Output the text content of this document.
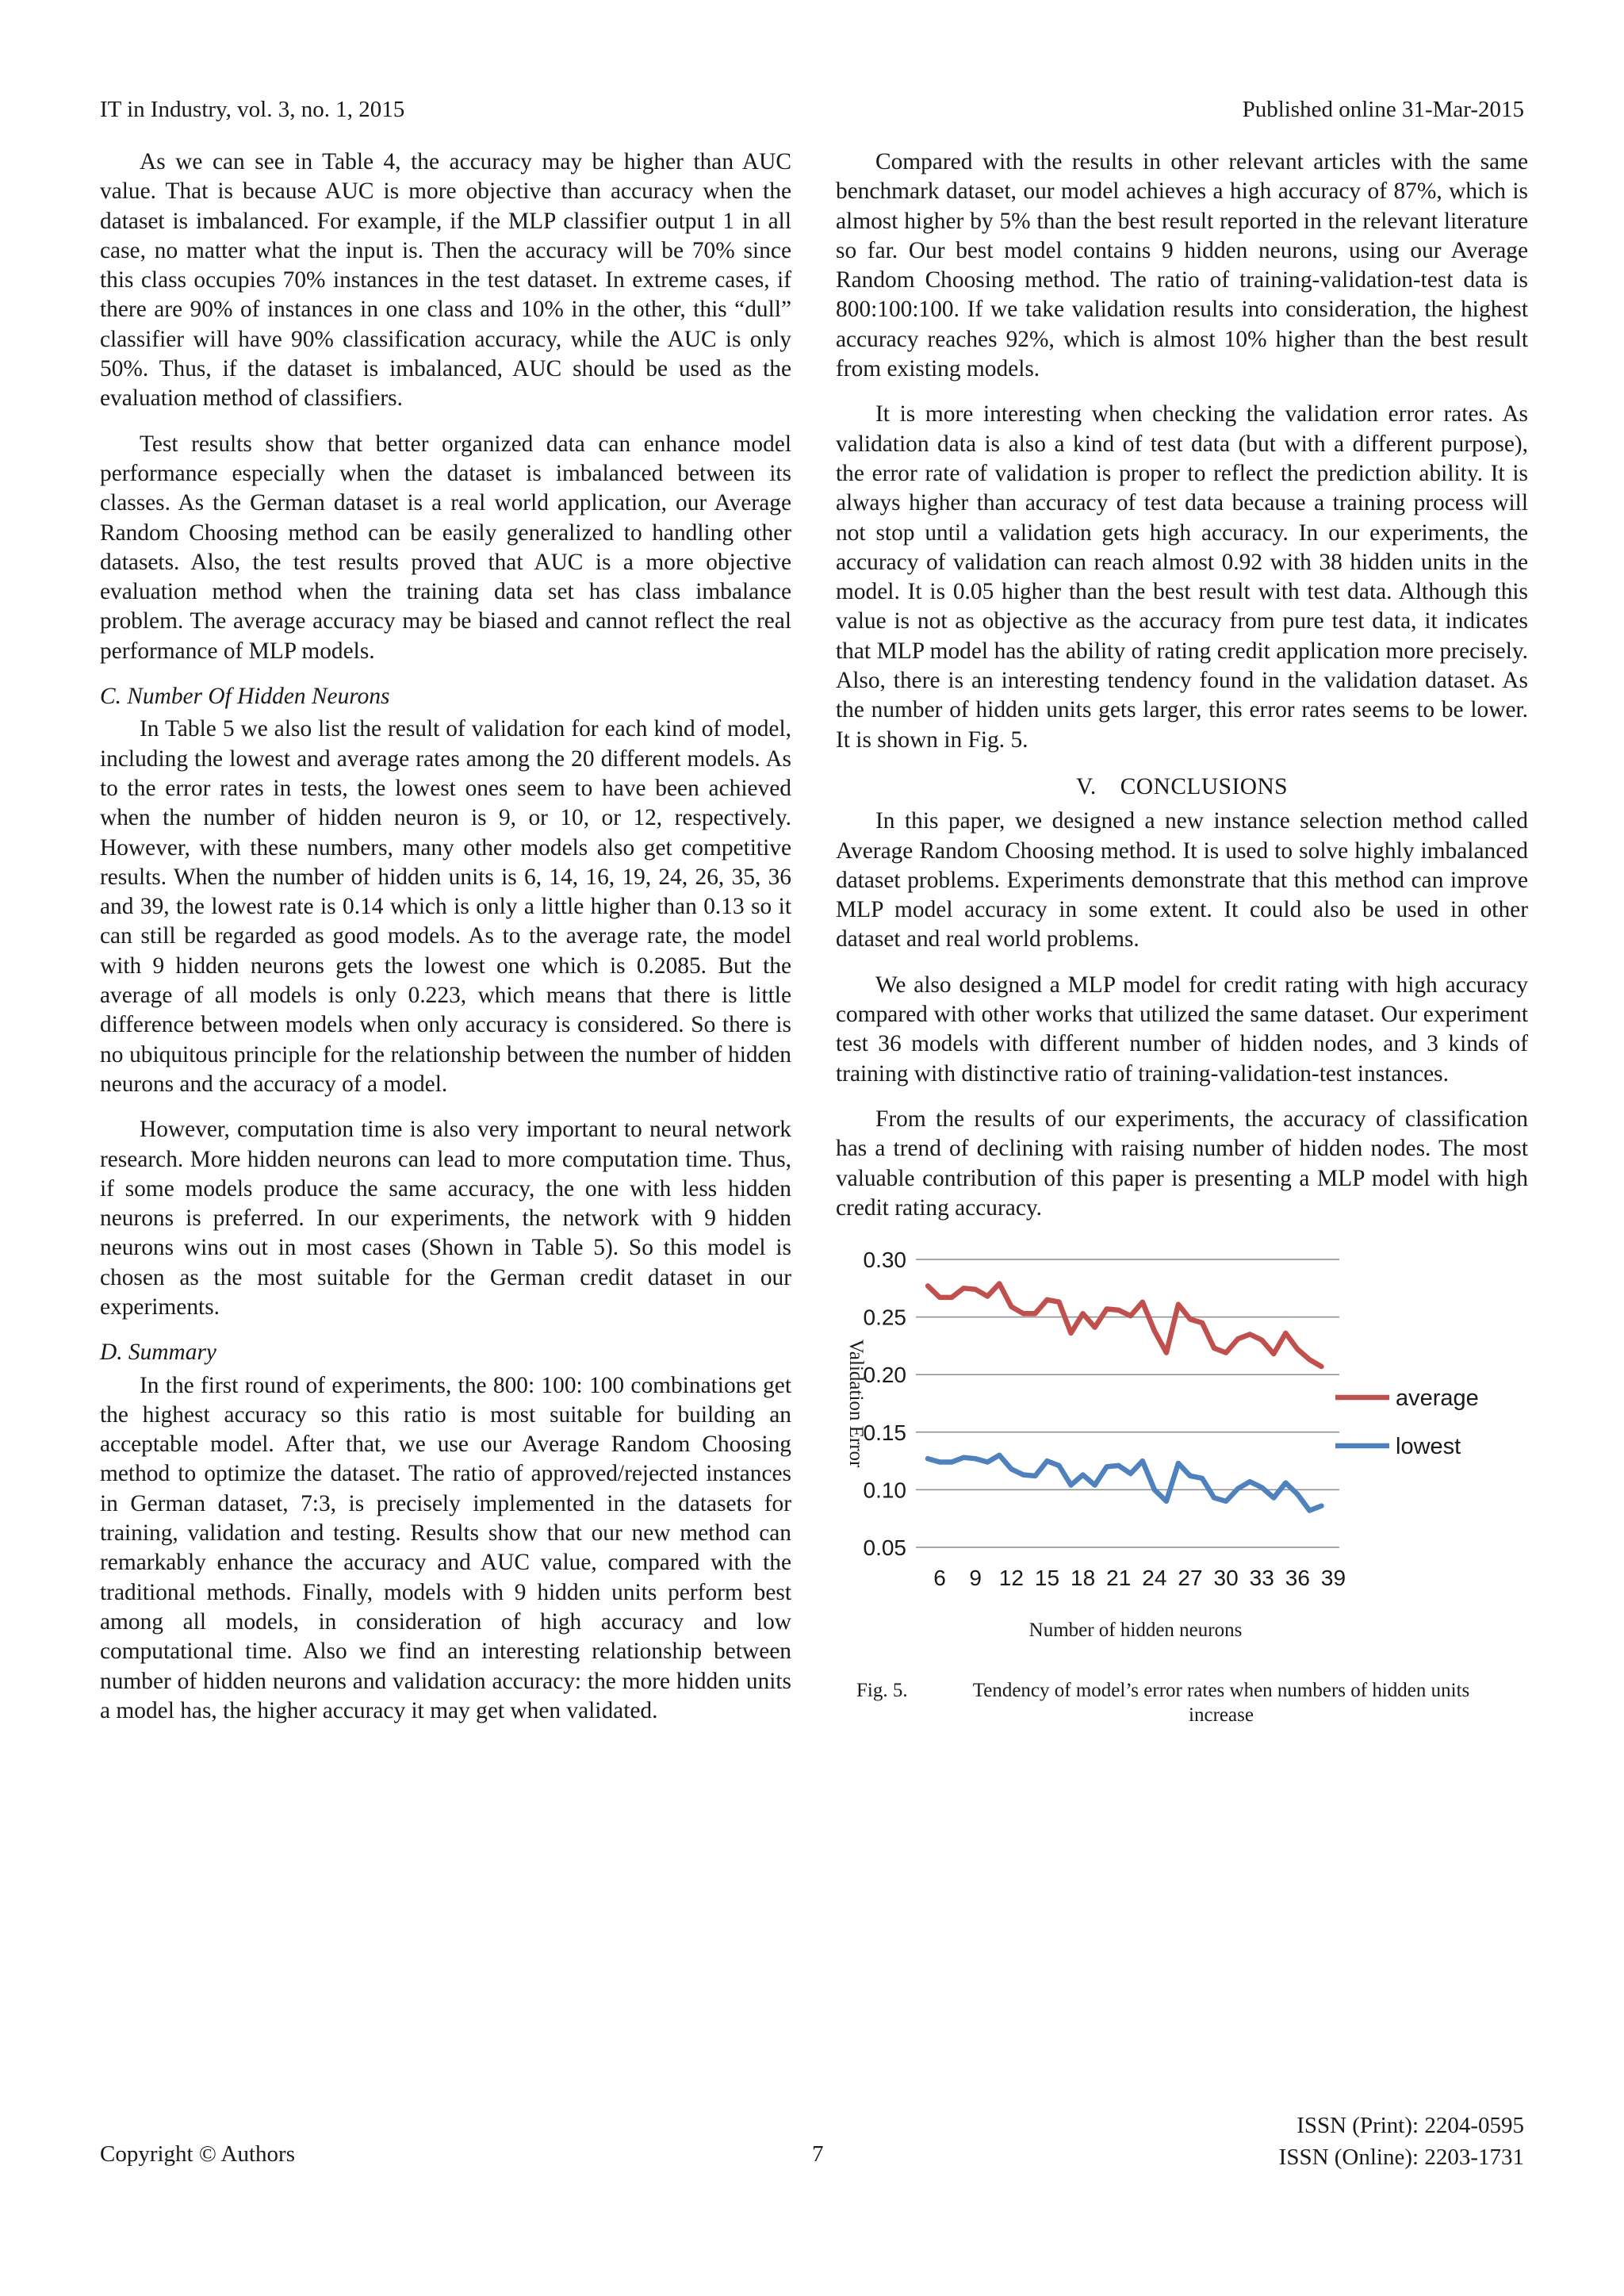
IT in Industry, vol. 3, no. 1, 2015	Published online 31-Mar-2015

As we can see in Table 4, the accuracy may be higher than AUC value. That is because AUC is more objective than accuracy when the dataset is imbalanced. For example, if the MLP classifier output 1 in all case, no matter what the input is. Then the accuracy will be 70% since this class occupies 70% instances in the test dataset. In extreme cases, if there are 90% of instances in one class and 10% in the other, this “dull” classifier will have 90% classification accuracy, while the AUC is only 50%. Thus, if the dataset is imbalanced, AUC should be used as the evaluation method of classifiers.

Test results show that better organized data can enhance model performance especially when the dataset is imbalanced between its classes. As the German dataset is a real world application, our Average Random Choosing method can be easily generalized to handling other datasets. Also, the test results proved that AUC is a more objective evaluation method when the training data set has class imbalance problem. The average accuracy may be biased and cannot reflect the real performance of MLP models.

C. Number Of Hidden Neurons

In Table 5 we also list the result of validation for each kind of model, including the lowest and average rates among the 20 different models. As to the error rates in tests, the lowest ones seem to have been achieved when the number of hidden neuron is 9, or 10, or 12, respectively. However, with these numbers, many other models also get competitive results. When the number of hidden units is 6, 14, 16, 19, 24, 26, 35, 36 and 39, the lowest rate is 0.14 which is only a little higher than 0.13 so it can still be regarded as good models. As to the average rate, the model with 9 hidden neurons gets the lowest one which is 0.2085. But the average of all models is only 0.223, which means that there is little difference between models when only accuracy is considered. So there is no ubiquitous principle for the relationship between the number of hidden neurons and the accuracy of a model.

However, computation time is also very important to neural network research. More hidden neurons can lead to more computation time. Thus, if some models produce the same accuracy, the one with less hidden neurons is preferred. In our experiments, the network with 9 hidden neurons wins out in most cases (Shown in Table 5). So this model is chosen as the most suitable for the German credit dataset in our experiments.

D. Summary

In the first round of experiments, the 800: 100: 100 combinations get the highest accuracy so this ratio is most suitable for building an acceptable model. After that, we use our Average Random Choosing method to optimize the dataset. The ratio of approved/rejected instances in German dataset, 7:3, is precisely implemented in the datasets for training, validation and testing. Results show that our new method can remarkably enhance the accuracy and AUC value, compared with the traditional methods. Finally, models with 9 hidden units perform best among all models, in consideration of high accuracy and low computational time. Also we find an interesting relationship between number of hidden neurons and validation accuracy: the more hidden units a model has, the higher accuracy it may get when validated.

Compared with the results in other relevant articles with the same benchmark dataset, our model achieves a high accuracy of 87%, which is almost higher by 5% than the best result reported in the relevant literature so far. Our best model contains 9 hidden neurons, using our Average Random Choosing method. The ratio of training-validation-test data is 800:100:100. If we take validation results into consideration, the highest accuracy reaches 92%, which is almost 10% higher than the best result from existing models.

It is more interesting when checking the validation error rates. As validation data is also a kind of test data (but with a different purpose), the error rate of validation is proper to reflect the prediction ability. It is always higher than accuracy of test data because a training process will not stop until a validation gets high accuracy. In our experiments, the accuracy of validation can reach almost 0.92 with 38 hidden units in the model. It is 0.05 higher than the best result with test data. Although this value is not as objective as the accuracy from pure test data, it indicates that MLP model has the ability of rating credit application more precisely. Also, there is an interesting tendency found in the validation dataset. As the number of hidden units gets larger, this error rates seems to be lower. It is shown in Fig. 5.

V. CONCLUSIONS

In this paper, we designed a new instance selection method called Average Random Choosing method. It is used to solve highly imbalanced dataset problems. Experiments demonstrate that this method can improve MLP model accuracy in some extent. It could also be used in other dataset and real world problems.

We also designed a MLP model for credit rating with high accuracy compared with other works that utilized the same dataset. Our experiment test 36 models with different number of hidden nodes, and 3 kinds of training with distinctive ratio of training-validation-test instances.

From the results of our experiments, the accuracy of classification has a trend of declining with raising number of hidden nodes. The most valuable contribution of this paper is presenting a MLP model with high credit rating accuracy.

0.05
0.10
0.15
0.20
0.25
0.30
6 9 12 15 18 21 24 27 30 33 36 39
Validation Error
Number of hidden neurons
average
lowest
Fig. 5.	Tendency of model’s error rates when numbers of hidden units increase
Copyright © Authors	7
ISSN (Print): 2204-0595
ISSN (Online): 2203-1731
